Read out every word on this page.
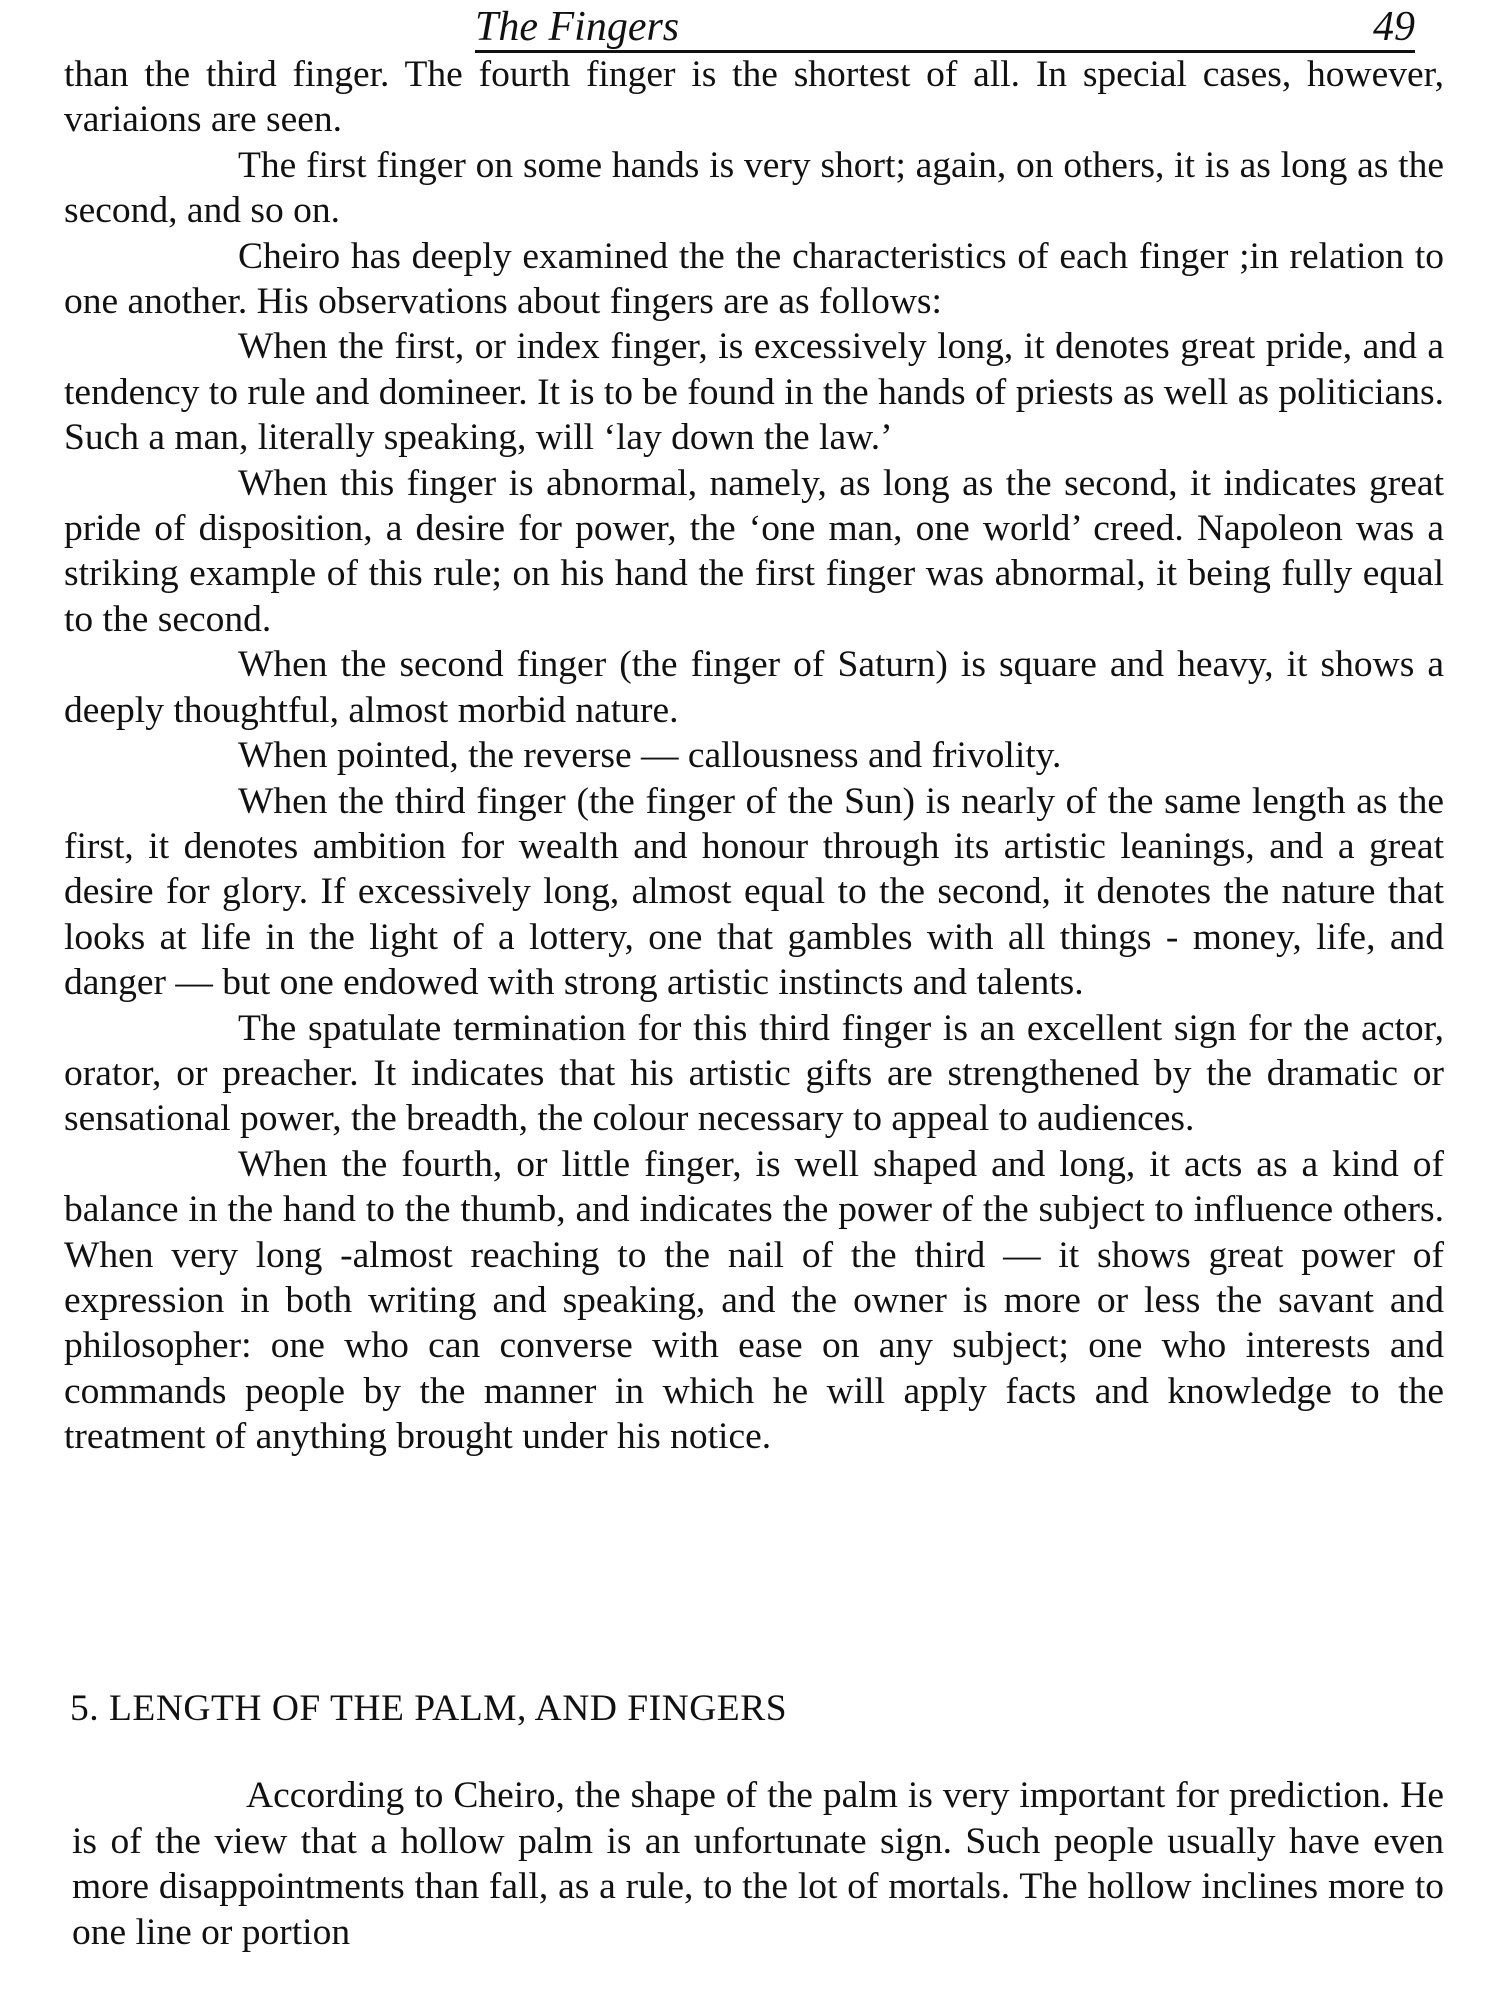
The Fingers	49

than the third finger. The fourth finger is the shortest of all. In special cases, however, variaions are seen.

The first finger on some hands is very short; again, on others, it is as long as the second, and so on.

Cheiro has deeply examined the the characteristics of each finger ;in relation to one another. His observations about fingers are as follows:

When the first, or index finger, is excessively long, it denotes great pride, and a tendency to rule and domineer. It is to be found in the hands of priests as well as politicians. Such a man, literally speaking, will ‘lay down the law.’

When this finger is abnormal, namely, as long as the second, it indicates great pride of disposition, a desire for power, the ‘one man, one world’ creed. Napoleon was a striking example of this rule; on his hand the first finger was abnormal, it being fully equal to the second.

When the second finger (the finger of Saturn) is square and heavy, it shows a deeply thoughtful, almost morbid nature.

When pointed, the reverse — callousness and frivolity.

When the third finger (the finger of the Sun) is nearly of the same length as the first, it denotes ambition for wealth and honour through its artistic leanings, and a great desire for glory. If excessively long, almost equal to the second, it denotes the nature that looks at life in the light of a lottery, one that gambles with all things - money, life, and danger — but one endowed with strong artistic instincts and talents.

The spatulate termination for this third finger is an excellent sign for the actor, orator, or preacher. It indicates that his artistic gifts are strengthened by the dramatic or sensational power, the breadth, the colour necessary to appeal to audiences.

When the fourth, or little finger, is well shaped and long, it acts as a kind of balance in the hand to the thumb, and indicates the power of the subject to influence others. When very long -almost reaching to the nail of the third — it shows great power of expression in both writing and speaking, and the owner is more or less the savant and philosopher: one who can converse with ease on any subject; one who interests and commands people by the manner in which he will apply facts and knowledge to the treatment of anything brought under his notice.

5. LENGTH OF THE PALM, AND FINGERS

According to Cheiro, the shape of the palm is very important for prediction. He is of the view that a hollow palm is an unfortunate sign. Such people usually have even more disappointments than fall, as a rule, to the lot of mortals. The hollow inclines more to one line or portion
